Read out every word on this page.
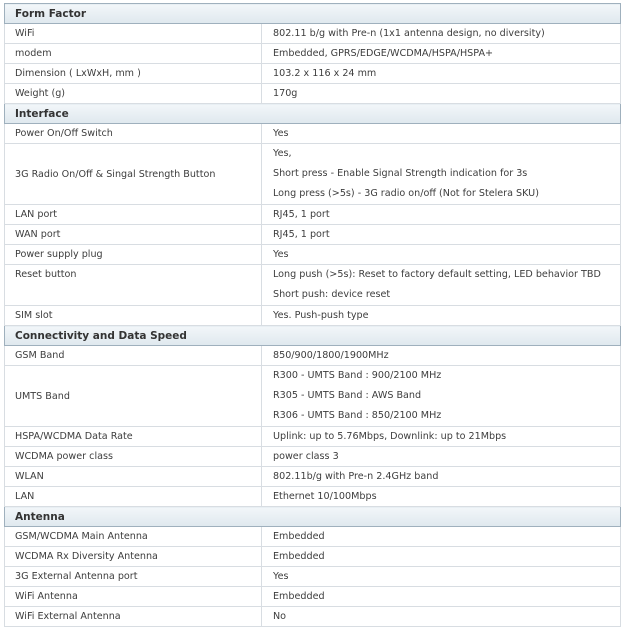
Form Factor	
WiFi	802.11 b/g with Pre-n (1x1 antenna design, no diversity)
modem	Embedded, GPRS/EDGE/WCDMA/HSPA/HSPA+
Dimension ( LxWxH, mm )	103.2 x 116 x 24 mm
Weight (g)	170g
Interface	
Power On/Off Switch	Yes
3G Radio On/Off & Singal Strength Button	Yes,
Short press - Enable Signal Strength indication for 3s
Long press (>5s) - 3G radio on/off (Not for Stelera SKU)

LAN port	RJ45, 1 port
WAN port	RJ45, 1 port
Power supply plug	Yes

Reset button	Long push (>5s): Reset to factory default setting, LED behavior TBD
Short push: device reset

SIM slot	Yes. Push-push type
Connectivity and Data Speed	
GSM Band	850/900/1800/1900MHz
UMTS Band	R300 - UMTS Band : 900/2100 MHz
R305 - UMTS Band : AWS Band
R306 - UMTS Band : 850/2100 MHz

HSPA/WCDMA Data Rate	Uplink: up to 5.76Mbps, Downlink: up to 21Mbps
WCDMA power class	power class 3
WLAN	802.11b/g with Pre-n 2.4GHz band
LAN	Ethernet 10/100Mbps
Antenna	
GSM/WCDMA Main Antenna	Embedded
WCDMA Rx Diversity Antenna	Embedded
3G External Antenna port	Yes
WiFi Antenna	Embedded
WiFi External Antenna	No
